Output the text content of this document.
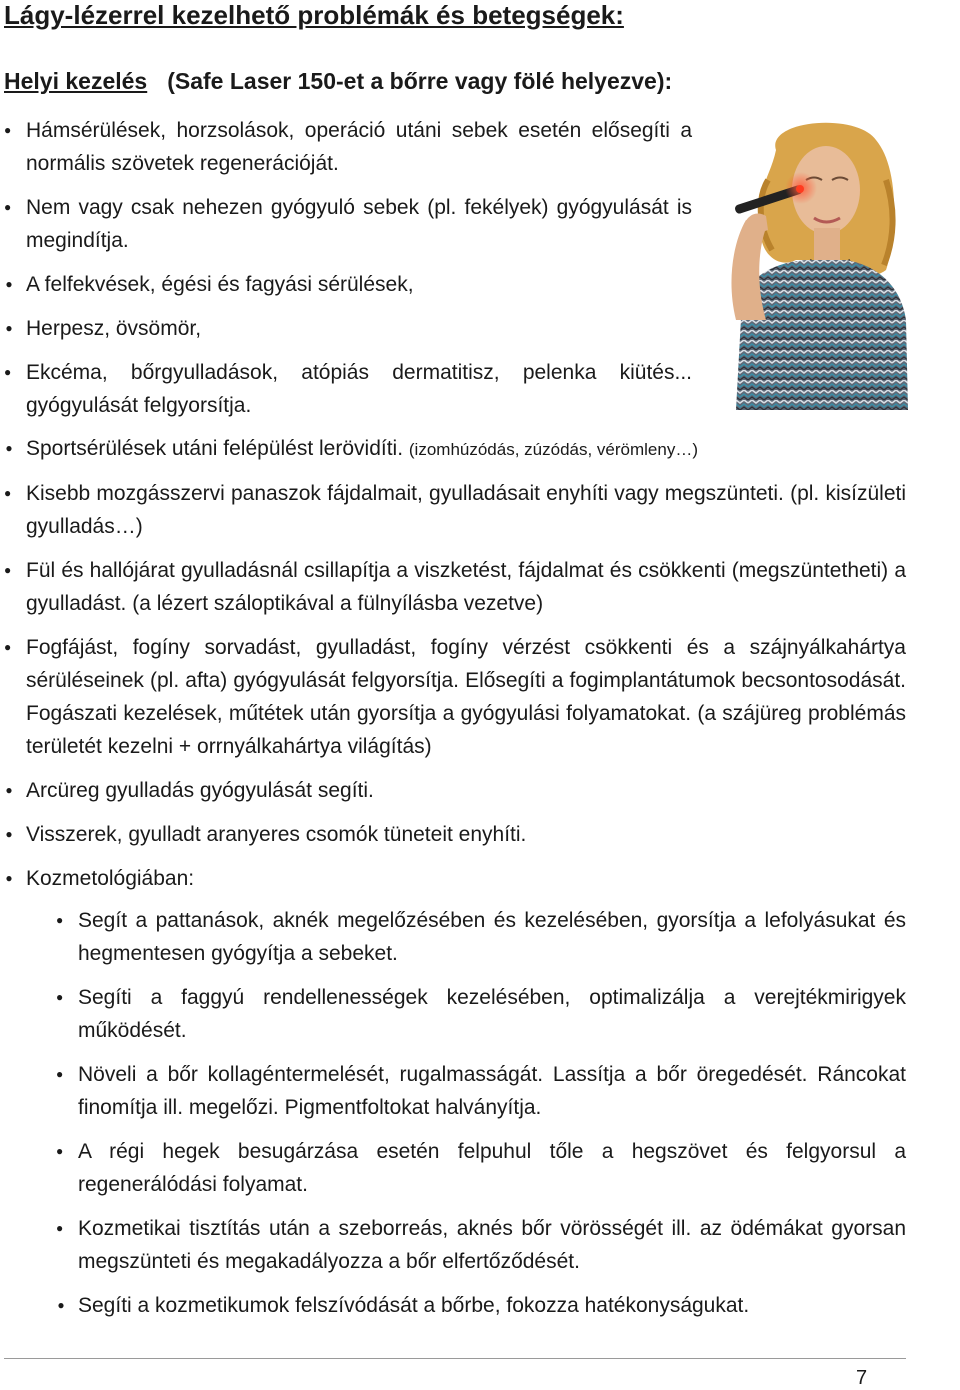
Lágy-lézerrel kezelhető problémák és betegségek:
Helyi kezelés (Safe Laser 150-et a bőrre vagy fölé helyezve):
● Hámsérülések, horzsolások, operáció utáni sebek esetén elősegíti a normális szövetek regenerációját.
● Nem vagy csak nehezen gyógyuló sebek (pl. fekélyek) gyógyulását is megindítja.
● A felfekvések, égési és fagyási sérülések,
● Herpesz, övsömör,
● Ekcéma, bőrgyulladások, atópiás dermatitisz, pelenka kiütés... gyógyulását felgyorsítja.
● Sportsérülések utáni felépülést lerövidíti. (izomhúzódás, zúzódás, vérömleny…)
● Kisebb mozgásszervi panaszok fájdalmait, gyulladásait enyhíti vagy megszünteti. (pl. kisízületi gyulladás…)
● Fül és hallójárat gyulladásnál csillapítja a viszketést, fájdalmat és csökkenti (megszüntetheti) a gyulladást. (a lézert száloptikával a fülnyílásba vezetve)
● Fogfájást, fogíny sorvadást, gyulladást, fogíny vérzést csökkenti és a szájnyálkahártya sérüléseinek (pl. afta) gyógyulását felgyorsítja. Elősegíti a fogimplantátumok becsontosodását. Fogászati kezelések, műtétek után gyorsítja a gyógyulási folyamatokat. (a szájüreg problémás területét kezelni + orrnyálkahártya világítás)
● Arcüreg gyulladás gyógyulását segíti.
● Visszerek, gyulladt aranyeres csomók tüneteit enyhíti.
● Kozmetológiában:
● Segít a pattanások, aknék megelőzésében és kezelésében, gyorsítja a lefolyásukat és hegmentesen gyógyítja a sebeket.
● Segíti a faggyú rendellenességek kezelésében, optimalizálja a verejtékmirigyek működését.
● Növeli a bőr kollagéntermelését, rugalmasságát. Lassítja a bőr öregedését. Ráncokat finomítja ill. megelőzi. Pigmentfoltokat halványítja.
● A régi hegek besugárzása esetén felpuhul tőle a hegszövet és felgyorsul a regenerálódási folyamat.
● Kozmetikai tisztítás után a szeborreás, aknés bőr vörösségét ill. az ödémákat gyorsan megszünteti és megakadályozza a bőr elfertőződését.
● Segíti a kozmetikumok felszívódását a bőrbe, fokozza hatékonyságukat.
7
